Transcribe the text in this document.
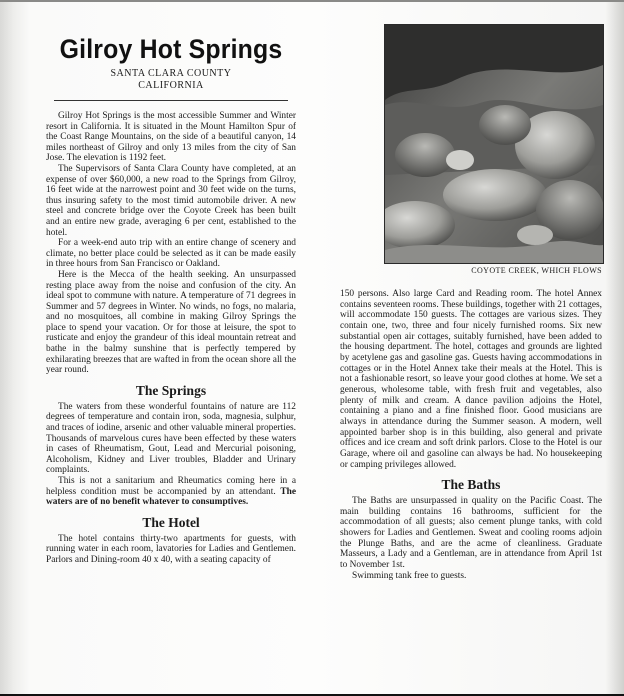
Gilroy Hot Springs
SANTA CLARA COUNTY
CALIFORNIA

Gilroy Hot Springs is the most accessible Summer and Winter resort in California. It is situated in the Mount Hamilton Spur of the Coast Range Mountains, on the side of a beautiful canyon, 14 miles northeast of Gilroy and only 13 miles from the city of San Jose. The elevation is 1192 feet.

The Supervisors of Santa Clara County have completed, at an expense of over $60,000, a new road to the Springs from Gilroy, 16 feet wide at the narrowest point and 30 feet wide on the turns, thus insuring safety to the most timid automobile driver. A new steel and concrete bridge over the Coyote Creek has been built and an entire new grade, averaging 6 per cent, established to the hotel.

For a week-end auto trip with an entire change of scenery and climate, no better place could be selected as it can be made easily in three hours from San Francisco or Oakland.

Here is the Mecca of the health seeking. An unsurpassed resting place away from the noise and confusion of the city. An ideal spot to commune with nature. A temperature of 71 degrees in Summer and 57 degrees in Winter. No winds, no fogs, no malaria, and no mosquitoes, all combine in making Gilroy Springs the place to spend your vacation. Or for those at leisure, the spot to rusticate and enjoy the grandeur of this ideal mountain retreat and bathe in the balmy sunshine that is perfectly tempered by exhilarating breezes that are wafted in from the ocean shore all the year round.

The Springs

The waters from these wonderful fountains of nature are 112 degrees of temperature and contain iron, soda, magnesia, sulphur, and traces of iodine, arsenic and other valuable mineral properties. Thousands of marvelous cures have been effected by these waters in cases of Rheumatism, Gout, Lead and Mercurial poisoning, Alcoholism, Kidney and Liver troubles, Bladder and Urinary complaints.

This is not a sanitarium and Rheumatics coming here in a helpless condition must be accompanied by an attendant. The waters are of no benefit whatever to consumptives.

The Hotel

The hotel contains thirty-two apartments for guests, with running water in each room, lavatories for Ladies and Gentlemen. Parlors and Dining-room 40 x 40, with a seating capacity of

COYOTE CREEK, WHICH FLOWS

150 persons. Also large Card and Reading room. The hotel Annex contains seventeen rooms. These buildings, together with 21 cottages, will accommodate 150 guests. The cottages are various sizes. They contain one, two, three and four nicely furnished rooms. Six new substantial open air cottages, suitably furnished, have been added to the housing department. The hotel, cottages and grounds are lighted by acetylene gas and gasoline gas. Guests having accommodations in cottages or in the Hotel Annex take their meals at the Hotel. This is not a fashionable resort, so leave your good clothes at home. We set a generous, wholesome table, with fresh fruit and vegetables, also plenty of milk and cream. A dance pavilion adjoins the Hotel, containing a piano and a fine finished floor. Good musicians are always in attendance during the Summer season. A modern, well appointed barber shop is in this building, also general and private offices and ice cream and soft drink parlors. Close to the Hotel is our Garage, where oil and gasoline can always be had. No housekeeping or camping privileges allowed.

The Baths

The Baths are unsurpassed in quality on the Pacific Coast. The main building contains 16 bathrooms, sufficient for the accommodation of all guests; also cement plunge tanks, with cold showers for Ladies and Gentlemen. Sweat and cooling rooms adjoin the Plunge Baths, and are the acme of cleanliness. Graduate Masseurs, a Lady and a Gentleman, are in attendance from April 1st to November 1st.

Swimming tank free to guests.
